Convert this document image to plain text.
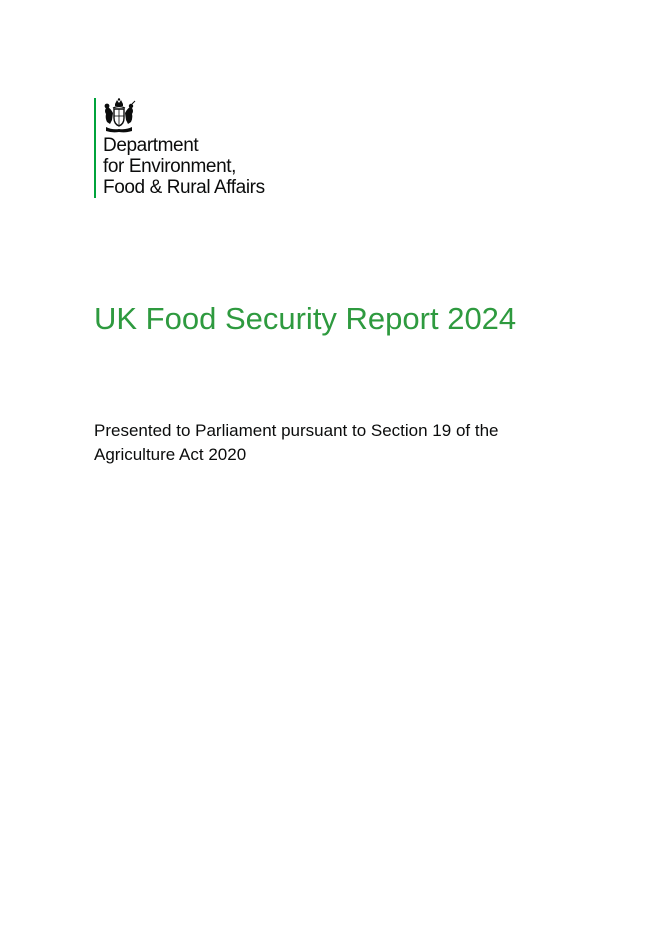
Department
for Environment,
Food & Rural Affairs
UK Food Security Report 2024

Presented to Parliament pursuant to Section 19 of the
Agriculture Act 2020
